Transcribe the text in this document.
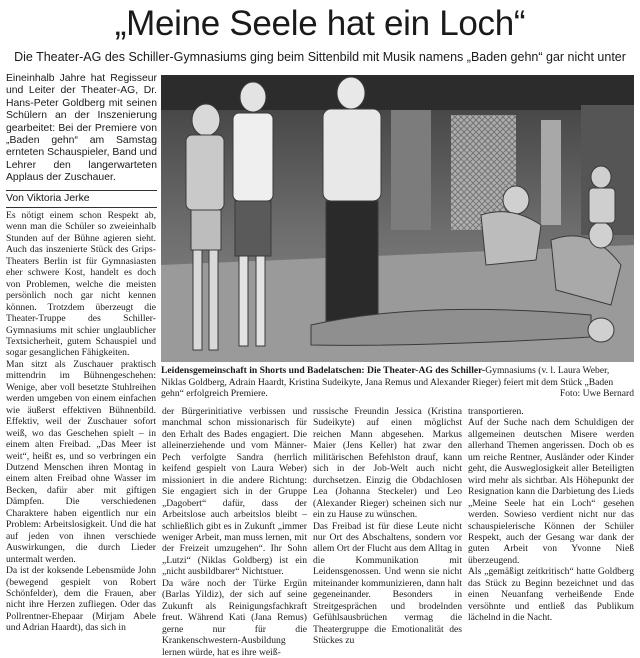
„Meine Seele hat ein Loch“
Die Theater-AG des Schiller-Gymnasiums ging beim Sittenbild mit Musik namens „Baden gehn“ gar nicht unter
Eineinhalb Jahre hat Regisseur und Leiter der Theater-AG, Dr. Hans-Peter Goldberg mit seinen Schülern an der Inszenierung gearbeitet: Bei der Premiere von „Baden gehn“ am Samstag ernteten Schauspieler, Band und Lehrer den langerwarteten Applaus der Zuschauer.
Von Viktoria Jerke

Es nötigt einem schon Respekt ab, wenn man die Schüler so zweieinhalb Stunden auf der Bühne agieren sieht. Auch das inszenierte Stück des Grips-Theaters Berlin ist für Gymnasiasten eher schwere Kost, handelt es doch von Problemen, welche die meisten persönlich noch gar nicht kennen können. Trotzdem überzeugt die Theater-Truppe des Schiller-Gymnasiums mit schier unglaublicher Textsicherheit, gutem Schauspiel und sogar gesanglichen Fähigkeiten.

Man sitzt als Zuschauer praktisch mittendrin im Bühnengeschehen: Wenige, aber voll besetzte Stuhlreihen werden umgeben von einem einfachen wie äußerst effektiven Bühnenbild. Effektiv, weil der Zuschauer sofort weiß, wo das Geschehen spielt – in einem alten Freibad. „Das Meer ist weit“, heißt es, und so verbringen ein Dutzend Menschen ihren Montag in einem alten Freibad ohne Wasser im Becken, dafür aber mit giftigen Dämpfen. Die verschiedenen Charaktere haben eigentlich nur ein Problem: Arbeitslosigkeit. Und die hat auf jeden von ihnen verschiede Auswirkungen, die durch Lieder untermalt werden.

Da ist der koksende Lebensmüde John (bewegend gespielt von Robert Schönfelder), dem die Frauen, aber nicht ihre Herzen zufliegen. Oder das Pollrentner-Ehepaar (Mirjam Abele und Adrian Haardt), das sich in

Leidensgemeinschaft in Shorts und Badelatschen: Die Theater-AG des Schiller-Gymnasiums (v. l. Laura Weber, Niklas Goldberg, Adrain Haardt, Kristina Sudeikyte, Jana Remus und Alexander Rieger) feiert mit dem Stück „Baden gehn“ erfolgreich Premiere.	Foto: Uwe Bernard

der Bürgerinitiative verbissen und manchmal schon missionarisch für den Erhalt des Bades engagiert. Die alleinerziehende und vom Männer-Pech verfolgte Sandra (herrlich keifend gespielt von Laura Weber) missioniert in die andere Richtung: Sie engagiert sich in der Gruppe „Dagobert“ dafür, dass der Arbeitslose auch arbeitslos bleibt – schließlich gibt es in Zukunft „immer weniger Arbeit, man muss lernen, mit der Freizeit umzugehen“. Ihr Sohn „Lutzi“ (Niklas Goldberg) ist ein „nicht ausbildbarer“ Nichtstuer.

Da wäre noch der Türke Ergün (Barlas Yildiz), der sich auf seine Zukunft als Reinigungsfachkraft freut. Während Kati (Jana Remus) gerne nur für die Krankenschwestern-Ausbildung lernen würde, hat es ihre weiß-

russische Freundin Jessica (Kristina Sudeikyte) auf einen möglichst reichen Mann abgesehen. Markus Maier (Jens Keller) hat zwar den militärischen Befehlston drauf, kann sich in der Job-Welt auch nicht durchsetzen. Einzig die Obdachlosen Lea (Johanna Steckeler) und Leo (Alexander Rieger) scheinen sich nur ein zu Hause zu wünschen.

Das Freibad ist für diese Leute nicht nur Ort des Abschaltens, sondern vor allem Ort der Flucht aus dem Alltag in die Kommunikation mit Leidensgenossen. Und wenn sie nicht miteinander kommunizieren, dann halt gegeneinander. Besonders in Streitgesprächen und brodelnden Gefühlsausbrüchen vermag die Theatergruppe die Emotionalität des Stückes zu

transportieren.

Auf der Suche nach dem Schuldigen der allgemeinen deutschen Misere werden allerhand Themen angerissen. Doch ob es um reiche Rentner, Ausländer oder Kinder geht, die Ausweglosigkeit aller Beteiligten wird mehr als sichtbar. Als Höhepunkt der Resignation kann die Darbietung des Lieds „Meine Seele hat ein Loch“ gesehen werden. Sowieso verdient nicht nur das schauspielerische Können der Schüler Respekt, auch der Gesang war dank der guten Arbeit von Yvonne Nieß überzeugend.

Als „gemäßigt zeitkritisch“ hatte Goldberg das Stück zu Beginn bezeichnet und das einen Neuanfang verheißende Ende versöhnte und entließ das Publikum lächelnd in die Nacht.
